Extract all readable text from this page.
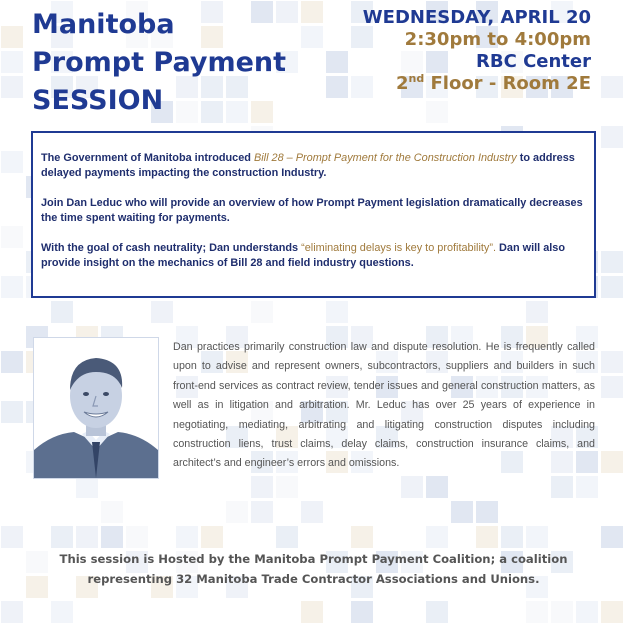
Manitoba
Prompt Payment
SESSION
WEDNESDAY, APRIL 20
2:30pm to 4:00pm
RBC Center
2nd Floor - Room 2E

The Government of Manitoba introduced Bill 28 – Prompt Payment for the Construction Industry to address delayed payments impacting the construction Industry.

Join Dan Leduc who will provide an overview of how Prompt Payment legislation dramatically decreases the time spent waiting for payments.

With the goal of cash neutrality; Dan understands “eliminating delays is key to profitability”. Dan will also provide insight on the mechanics of Bill 28 and field industry questions.

Dan practices primarily construction law and dispute resolution. He is frequently called upon to advise and represent owners, subcontractors, suppliers and builders in such front-end services as contract review, tender issues and general construction matters, as well as in litigation and arbitration. Mr. Leduc has over 25 years of experience in negotiating, mediating, arbitrating and litigating construction disputes including construction liens, trust claims, delay claims, construction insurance claims, and architect’s and engineer’s errors and omissions.
This session is Hosted by the Manitoba Prompt Payment Coalition; a coalition
representing 32 Manitoba Trade Contractor Associations and Unions.
